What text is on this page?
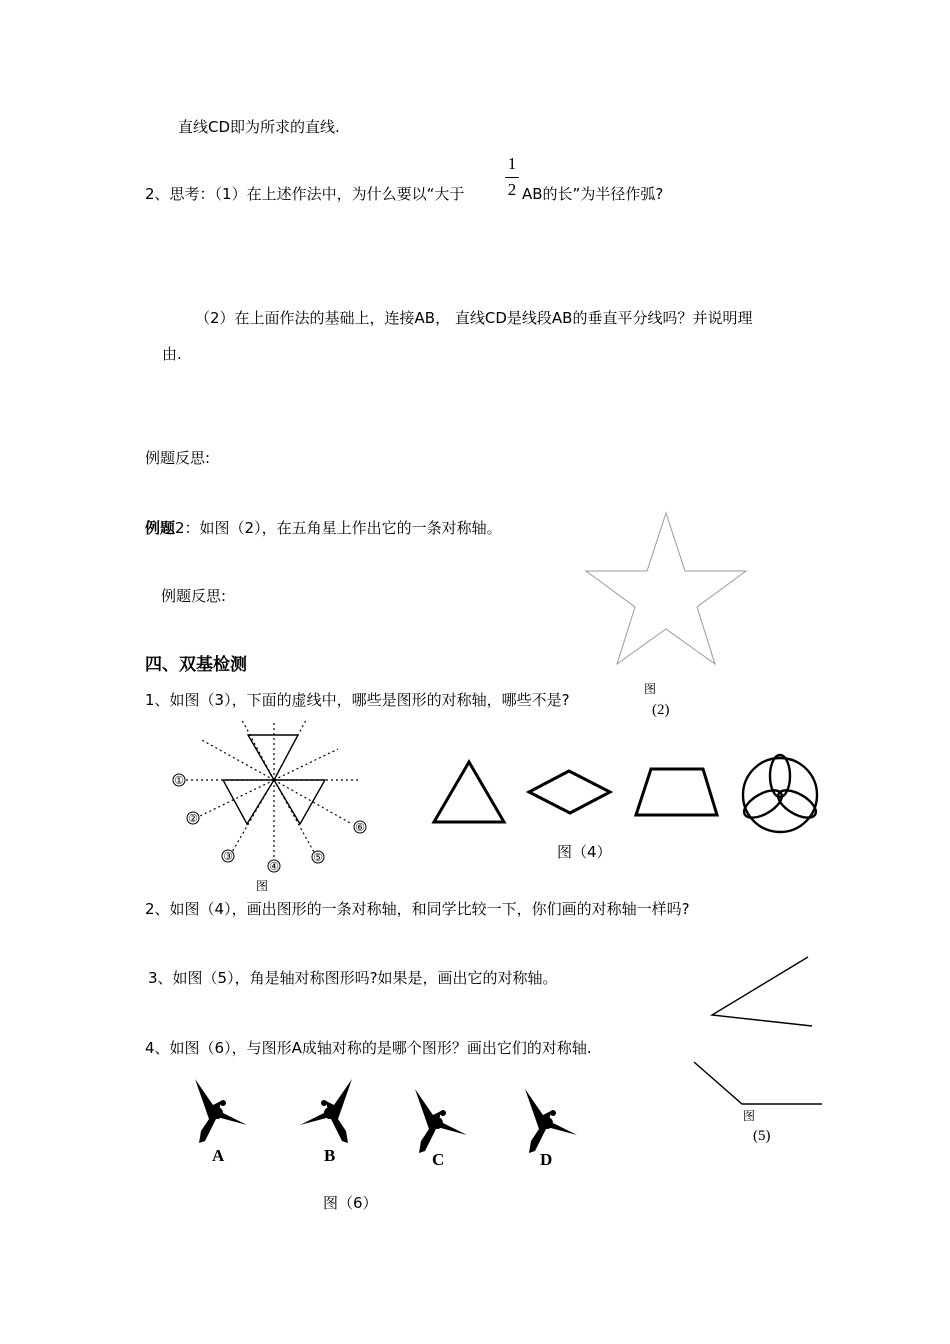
直线CD即为所求的直线.
2、思考：（1）在上述作法中，为什么要以“大于
1
2 AB的长”为半径作弧?
（2）在上面作法的基础上，连接AB， 直线CD是线段AB的垂直平分线吗？并说明理
由.
例题反思:
例题2：如图（2），在五角星上作出它的一条对称轴。
例题反思:
图
(2)
四、双基检测
1、如图（3），下面的虚线中，哪些是图形的对称轴，哪些不是?
①
②
③
④
⑤
⑥
图
图（4）
2、如图（4），画出图形的一条对称轴，和同学比较一下，你们画的对称轴一样吗?
3、如图（5），角是轴对称图形吗?如果是，画出它的对称轴。
图
(5)
4、如图（6），与图形A成轴对称的是哪个图形？画出它们的对称轴.
A	B	C	D
图（6）
